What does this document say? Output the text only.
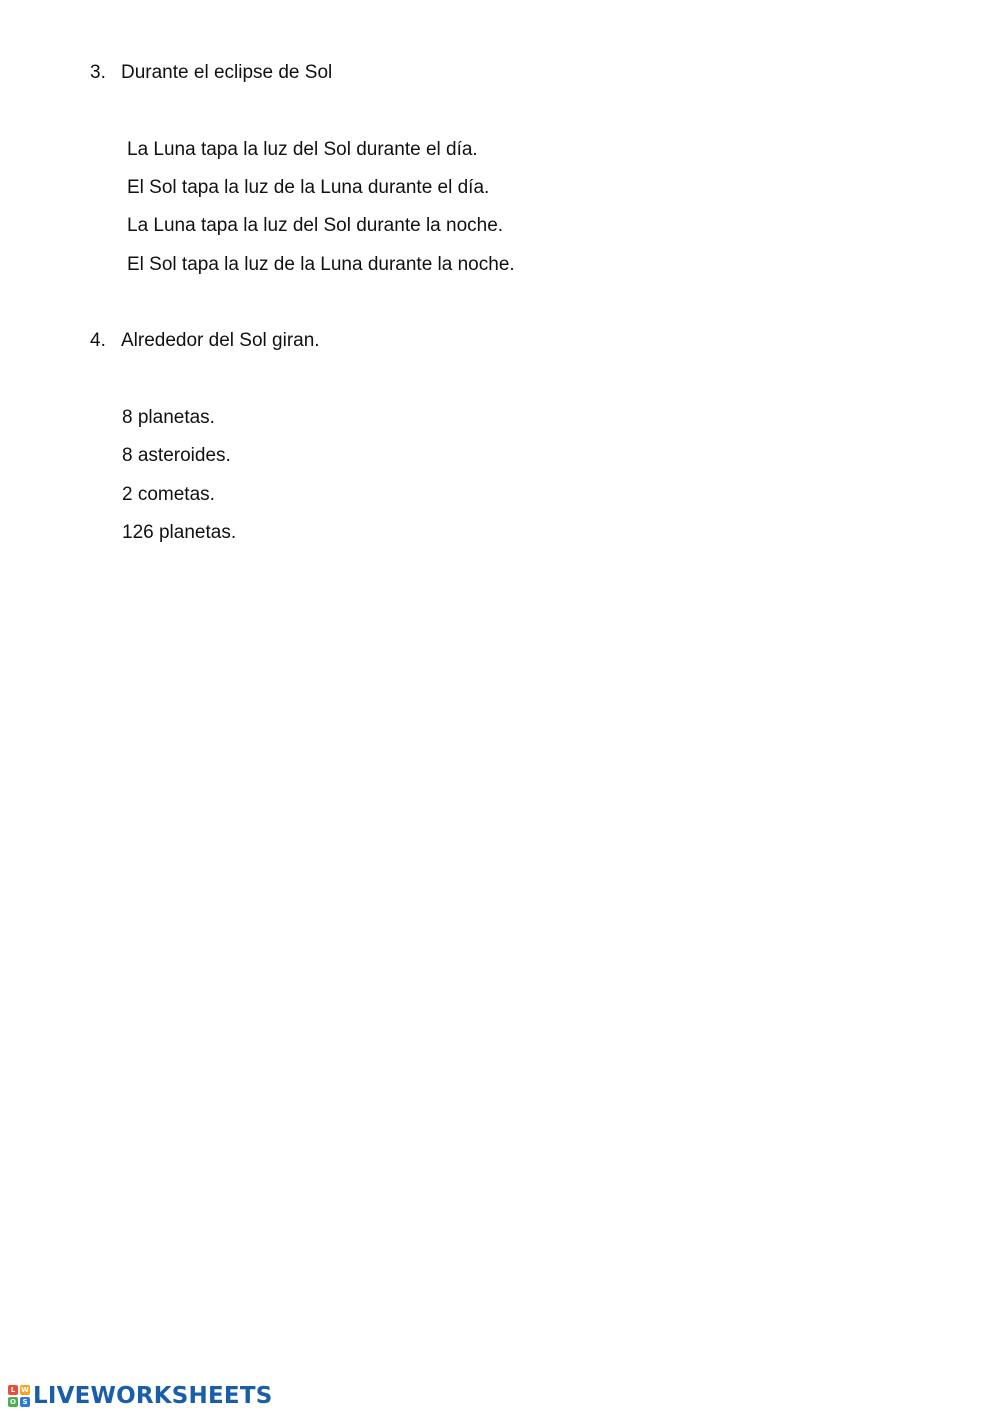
3. Durante el eclipse de Sol
La Luna tapa la luz del Sol durante el día.
El Sol tapa la luz de la Luna durante el día.
La Luna tapa la luz del Sol durante la noche.
El Sol tapa la luz de la Luna durante la noche.
4. Alrededor del Sol giran.
8 planetas.
8 asteroides.
2 cometas.
126 planetas.
L W
O S LIVEWORKSHEETS
